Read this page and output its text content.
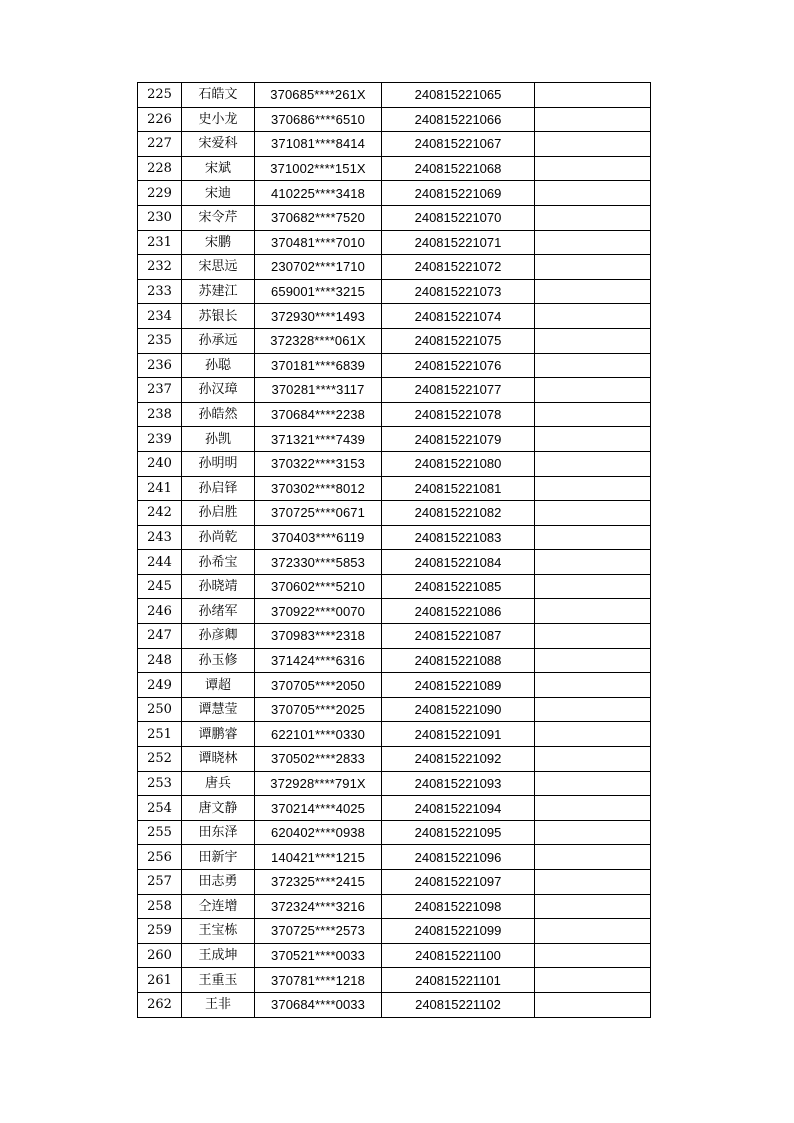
225	石皓文	370685****261X	240815221065	
226	史小龙	370686****6510	240815221066	
227	宋爱科	371081****8414	240815221067	
228	宋斌	371002****151X	240815221068	
229	宋迪	410225****3418	240815221069	
230	宋令芹	370682****7520	240815221070	
231	宋鹏	370481****7010	240815221071	
232	宋思远	230702****1710	240815221072	
233	苏建江	659001****3215	240815221073	
234	苏银长	372930****1493	240815221074	
235	孙承远	372328****061X	240815221075	
236	孙聪	370181****6839	240815221076	
237	孙汉璋	370281****3117	240815221077	
238	孙皓然	370684****2238	240815221078	
239	孙凯	371321****7439	240815221079	
240	孙明明	370322****3153	240815221080	
241	孙启铎	370302****8012	240815221081	
242	孙启胜	370725****0671	240815221082	
243	孙尚乾	370403****6119	240815221083	
244	孙希宝	372330****5853	240815221084	
245	孙晓靖	370602****5210	240815221085	
246	孙绪军	370922****0070	240815221086	
247	孙彦卿	370983****2318	240815221087	
248	孙玉修	371424****6316	240815221088	
249	谭超	370705****2050	240815221089	
250	谭慧莹	370705****2025	240815221090	
251	谭鹏睿	622101****0330	240815221091	
252	谭晓林	370502****2833	240815221092	
253	唐兵	372928****791X	240815221093	
254	唐文静	370214****4025	240815221094	
255	田东泽	620402****0938	240815221095	
256	田新宇	140421****1215	240815221096	
257	田志勇	372325****2415	240815221097	
258	仝连增	372324****3216	240815221098	
259	王宝栋	370725****2573	240815221099	
260	王成坤	370521****0033	240815221100	
261	王重玉	370781****1218	240815221101	
262	王非	370684****0033	240815221102	
